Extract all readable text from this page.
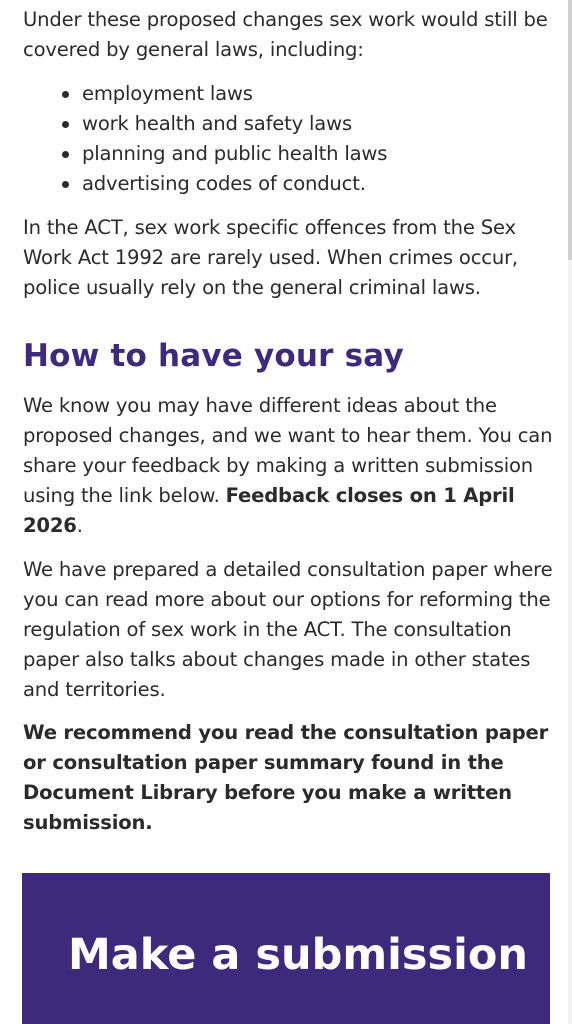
Under these proposed changes sex work would still be covered by general laws, including:

employment laws
work health and safety laws
planning and public health laws
advertising codes of conduct.

In the ACT, sex work specific offences from the Sex Work Act 1992 are rarely used. When crimes occur, police usually rely on the general criminal laws.

How to have your say

We know you may have different ideas about the proposed changes, and we want to hear them. You can share your feedback by making a written submission using the link below. Feedback closes on 1 April 2026.

We have prepared a detailed consultation paper where you can read more about our options for reforming the regulation of sex work in the ACT. The consultation paper also talks about changes made in other states and territories.

We recommend you read the consultation paper or consultation paper summary found in the Document Library before you make a written submission.

Make a submission
